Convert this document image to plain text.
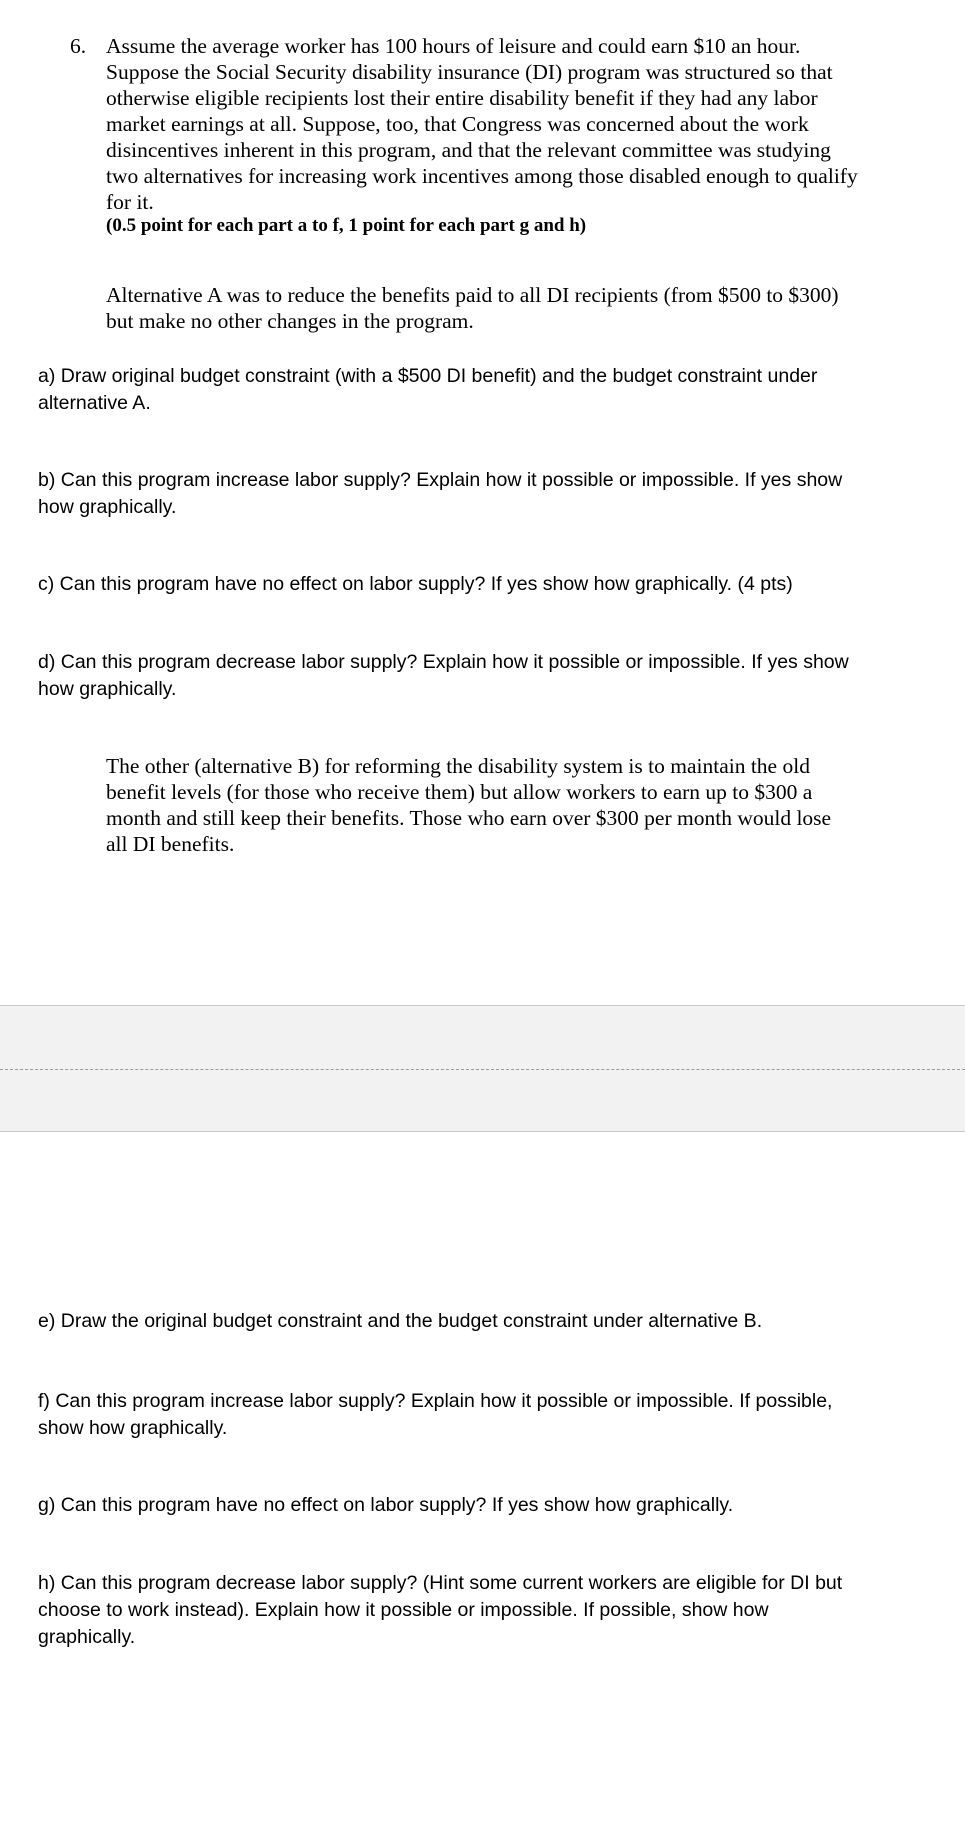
6. Assume the average worker has 100 hours of leisure and could earn $10 an hour. Suppose the Social Security disability insurance (DI) program was structured so that otherwise eligible recipients lost their entire disability benefit if they had any labor market earnings at all. Suppose, too, that Congress was concerned about the work disincentives inherent in this program, and that the relevant committee was studying two alternatives for increasing work incentives among those disabled enough to qualify for it.
(0.5 point for each part a to f, 1 point for each part g and h)
Alternative A was to reduce the benefits paid to all DI recipients (from $500 to $300) but make no other changes in the program.
a) Draw original budget constraint (with a $500 DI benefit) and the budget constraint under alternative A.
b) Can this program increase labor supply? Explain how it possible or impossible. If yes show how graphically.
c) Can this program have no effect on labor supply? If yes show how graphically. (4 pts)
d) Can this program decrease labor supply? Explain how it possible or impossible. If yes show how graphically.
The other (alternative B) for reforming the disability system is to maintain the old benefit levels (for those who receive them) but allow workers to earn up to $300 a month and still keep their benefits. Those who earn over $300 per month would lose all DI benefits.
e) Draw the original budget constraint and the budget constraint under alternative B.
f) Can this program increase labor supply? Explain how it possible or impossible. If possible, show how graphically.
g) Can this program have no effect on labor supply? If yes show how graphically.
h) Can this program decrease labor supply? (Hint some current workers are eligible for DI but choose to work instead). Explain how it possible or impossible. If possible, show how graphically.
